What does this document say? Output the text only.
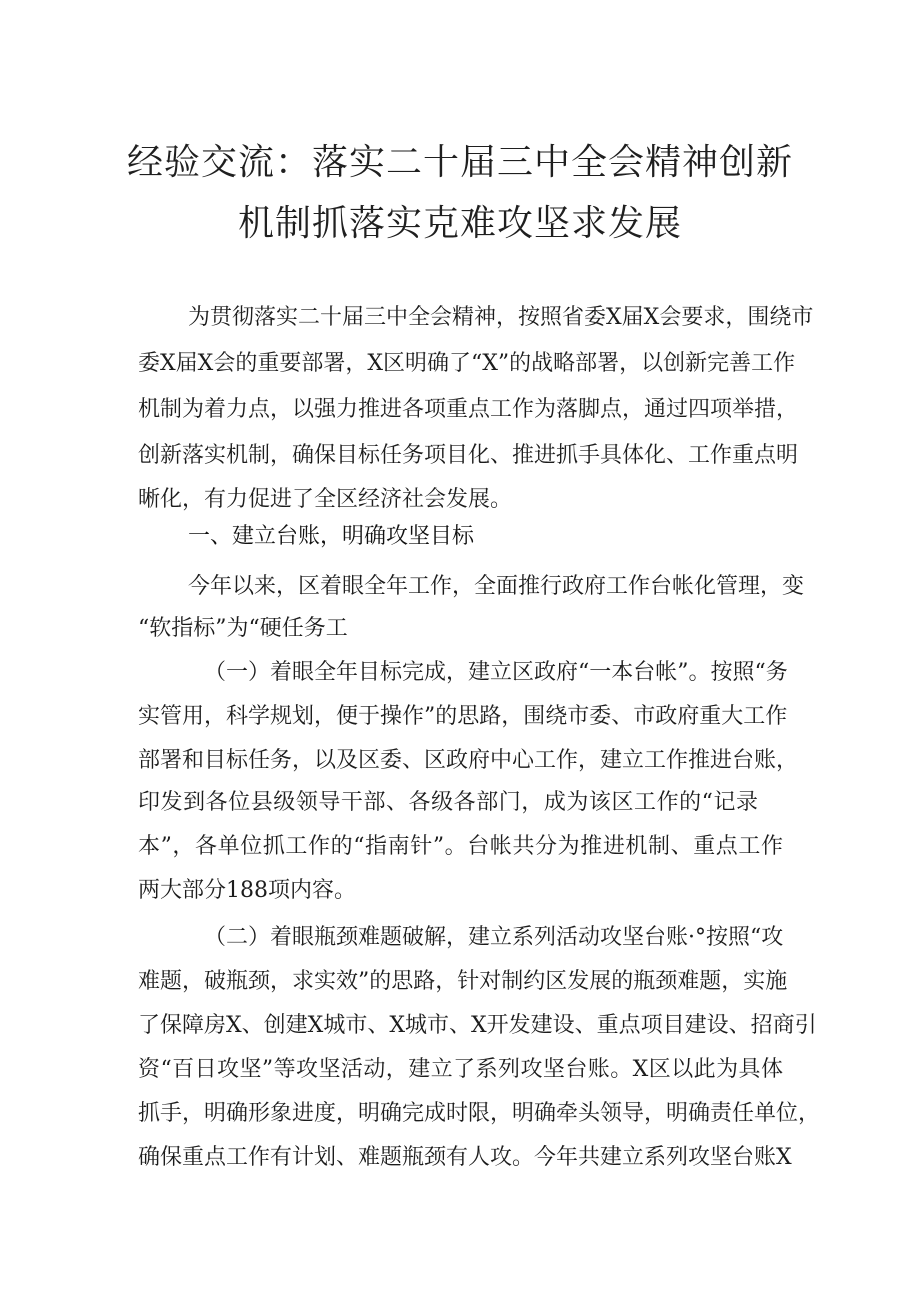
经验交流：落实二十届三中全会精神创新
机制抓落实克难攻坚求发展
为贯彻落实二十届三中全会精神，按照省委X届X会要求，围绕市
委X届X会的重要部署，X区明确了“X”的战略部署，以创新完善工作
机制为着力点，以强力推进各项重点工作为落脚点，通过四项举措，
创新落实机制，确保目标任务项目化、推进抓手具体化、工作重点明
晰化，有力促进了全区经济社会发展。
一、建立台账，明确攻坚目标
今年以来，区着眼全年工作，全面推行政府工作台帐化管理，变
“软指标”为“硬任务工
（一）着眼全年目标完成，建立区政府“一本台帐”。按照“务
实管用，科学规划，便于操作”的思路，围绕市委、市政府重大工作
部署和目标任务，以及区委、区政府中心工作，建立工作推进台账，
印发到各位县级领导干部、各级各部门，成为该区工作的“记录
本”，各单位抓工作的“指南针”。台帐共分为推进机制、重点工作
两大部分188项内容。
（二）着眼瓶颈难题破解，建立系列活动攻坚台账·°按照“攻
难题，破瓶颈，求实效”的思路，针对制约区发展的瓶颈难题，实施
了保障房X、创建X城市、X城市、X开发建设、重点项目建设、招商引
资“百日攻坚”等攻坚活动，建立了系列攻坚台账。X区以此为具体
抓手，明确形象进度，明确完成时限，明确牵头领导，明确责任单位，
确保重点工作有计划、难题瓶颈有人攻。今年共建立系列攻坚台账X
